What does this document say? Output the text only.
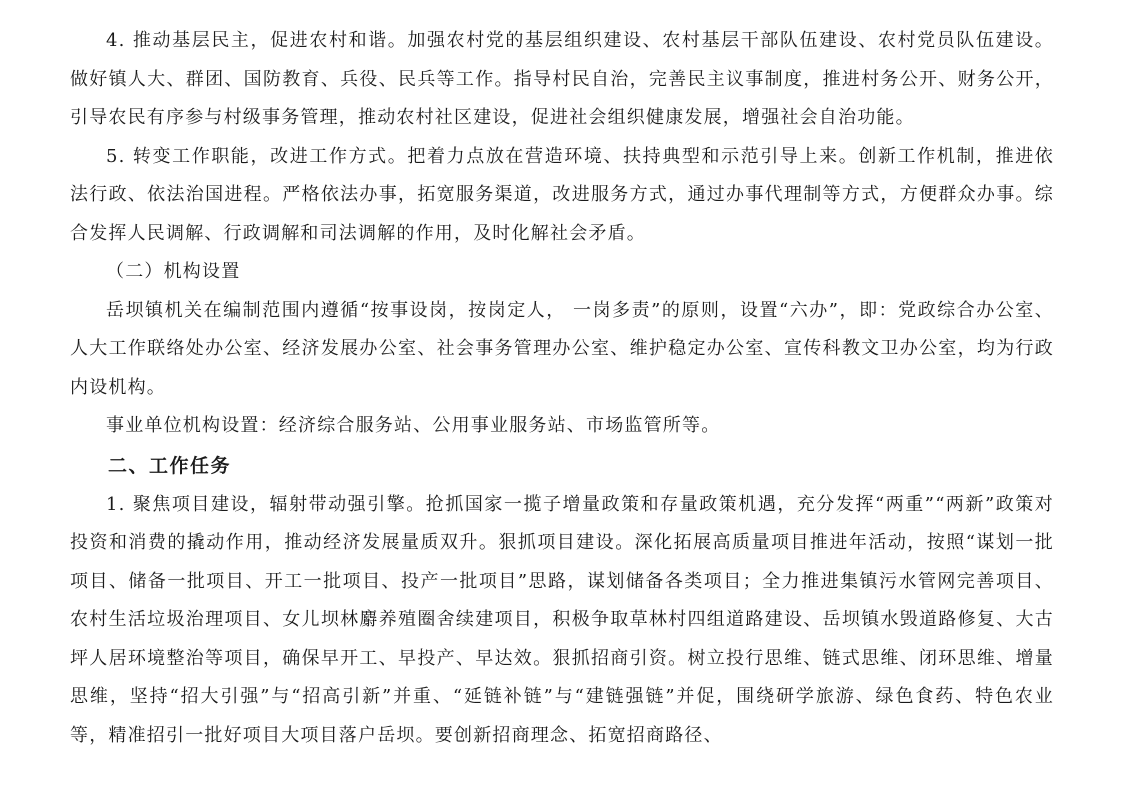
4. 推动基层民主，促进农村和谐。加强农村党的基层组织建设、农村基层干部队伍建设、农村党员队伍建设。做好镇人大、群团、国防教育、兵役、民兵等工作。指导村民自治，完善民主议事制度，推进村务公开、财务公开，引导农民有序参与村级事务管理，推动农村社区建设，促进社会组织健康发展，增强社会自治功能。

5. 转变工作职能，改进工作方式。把着力点放在营造环境、扶持典型和示范引导上来。创新工作机制，推进依法行政、依法治国进程。严格依法办事，拓宽服务渠道，改进服务方式，通过办事代理制等方式，方便群众办事。综合发挥人民调解、行政调解和司法调解的作用，及时化解社会矛盾。

（二）机构设置

岳坝镇机关在编制范围内遵循“按事设岗，按岗定人， 一岗多责”的原则，设置“六办”，即：党政综合办公室、人大工作联络处办公室、经济发展办公室、社会事务管理办公室、维护稳定办公室、宣传科教文卫办公室，均为行政内设机构。

事业单位机构设置：经济综合服务站、公用事业服务站、市场监管所等。

二、工作任务

1. 聚焦项目建设，辐射带动强引擎。抢抓国家一揽子增量政策和存量政策机遇，充分发挥“两重”“两新”政策对投资和消费的撬动作用，推动经济发展量质双升。狠抓项目建设。深化拓展高质量项目推进年活动，按照“谋划一批项目、储备一批项目、开工一批项目、投产一批项目”思路，谋划储备各类项目；全力推进集镇污水管网完善项目、农村生活垃圾治理项目、女儿坝林麝养殖圈舍续建项目，积极争取草林村四组道路建设、岳坝镇水毁道路修复、大古坪人居环境整治等项目，确保早开工、早投产、早达效。狠抓招商引资。树立投行思维、链式思维、闭环思维、增量思维，坚持“招大引强”与“招高引新”并重、“延链补链”与“建链强链”并促，围绕研学旅游、绿色食药、特色农业等，精准招引一批好项目大项目落户岳坝。要创新招商理念、拓宽招商路径、
